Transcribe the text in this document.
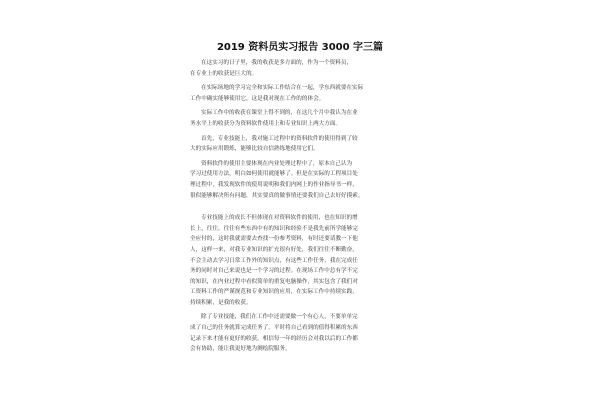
2019 资料员实习报告 3000 字三篇

在这实习的日子里，我的收获是多方面的，作为一个资料员，
在专业上的收获是巨大的。

在实际场地的学习完全和实际工作结合在一起，学东西就要在实际
工作中确实能够使用它，这是我对现在工作的的体会。

实际工作中的收获在课堂上得不到的，在这几个月中我认为在业
务水平上的收获分为资料软件使用上和专业知识上两大方面。

首先，专业技能上，我对施工过程中的资料软件的使用得到了较
大的实际应用锻炼，能够比较自信熟练地使用它们。

资料软件的使用主要体现在内业处理过程中了，原本自己认为
学习过使用方法，明白如何使用就能够了。但是在实际的工程项目处
理过程中，我发现软件的使用说明和我们内网上的作业指导书一样，
很似能够解决所有问题，其实要真的做事情还要我们自己去好好摸索。

专业技能上的成长不但体现在对资料软件的使用，也在知识的增
长上，往往，往往有些东西中有的知识和经验不是我先前所学能够完
全应付的，这时我就需要去查找一份参考资料，有时还要请教一下他
人，这样一来，对我专业知识的扩充很有好处，我们往往不断勤奋，
不会主动去学习日常工作外的知识点，有这些工作任务，我在完成任
务的同时对自己来说也是一个学习的过程。在现场工作中总有学不完
的知识，在内业过程中看似简单的重复电脑操作，其实包含了我们对
工资料工作的严谨规范和专业知识的应用，在实际工作中持续实践，
持续积累，是我的收获。

除了专业技能，我们在工作中还需要做一个有心人，不要单单完
成了自己的任务就算完成任务了。平时将自己看到的值得积累的东西
记录下来才能有更好的收获，相信每一年的经历会对我以后的工作都
会有协助，能让我更好地为测绘院服务。
